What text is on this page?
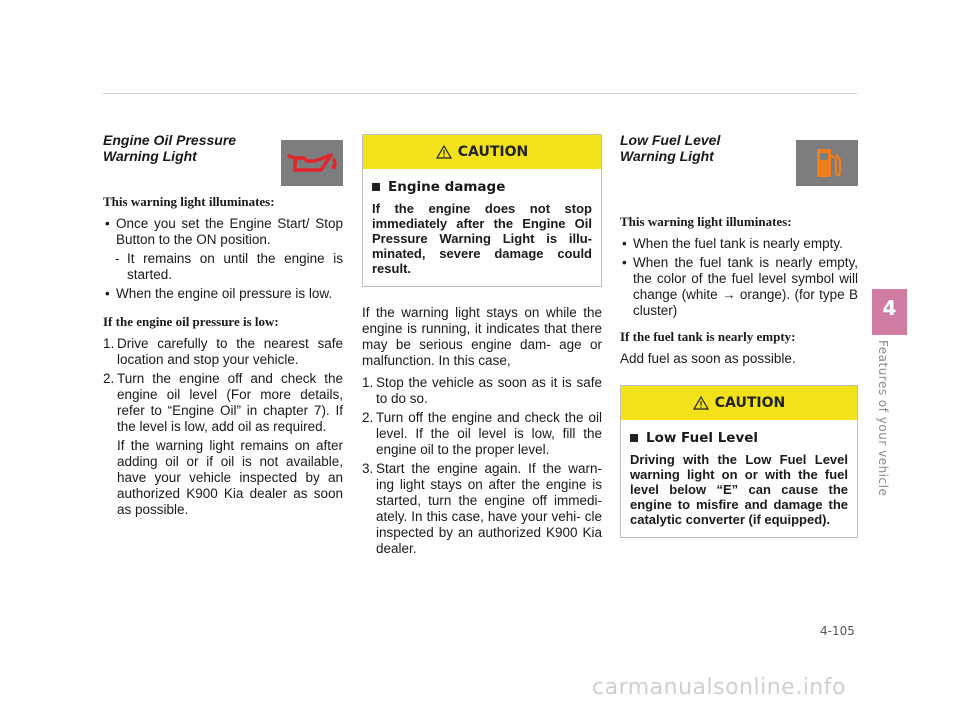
Engine Oil Pressure Warning Light
This warning light illuminates:

• Once you set the Engine Start/ Stop Button to the ON position.

- It remains on until the engine is started.

• When the engine oil pressure is low.

If the engine oil pressure is low:

1. Drive carefully to the nearest safe location and stop your vehicle.

2. Turn the engine off and check the engine oil level (For more details, refer to “Engine Oil” in chapter 7). If the level is low, add oil as required.

If the warning light remains on after adding oil or if oil is not available, have your vehicle inspected by an authorized K900 Kia dealer as soon as possible.

CAUTION
Engine damage
If the engine does not stop immediately after the Engine Oil Pressure Warning Light is illu- minated, severe damage could result.

If the warning light stays on while the engine is running, it indicates that there may be serious engine dam- age or malfunction. In this case,

1. Stop the vehicle as soon as it is safe to do so.

2. Turn off the engine and check the oil level. If the oil level is low, fill the engine oil to the proper level.

3. Start the engine again. If the warn- ing light stays on after the engine is started, turn the engine off immedi- ately. In this case, have your vehi- cle inspected by an authorized K900 Kia dealer.

Low Fuel Level Warning Light
This warning light illuminates:

• When the fuel tank is nearly empty.

• When the fuel tank is nearly empty, the color of the fuel level symbol will change (white → orange). (for type B cluster)

If the fuel tank is nearly empty:

Add fuel as soon as possible.

CAUTION
Low Fuel Level
Driving with the Low Fuel Level warning light on or with the fuel level below “E” can cause the engine to misfire and damage the catalytic converter (if equipped).
4
Features of your vehicle
4-105
carmanualsonline.info
